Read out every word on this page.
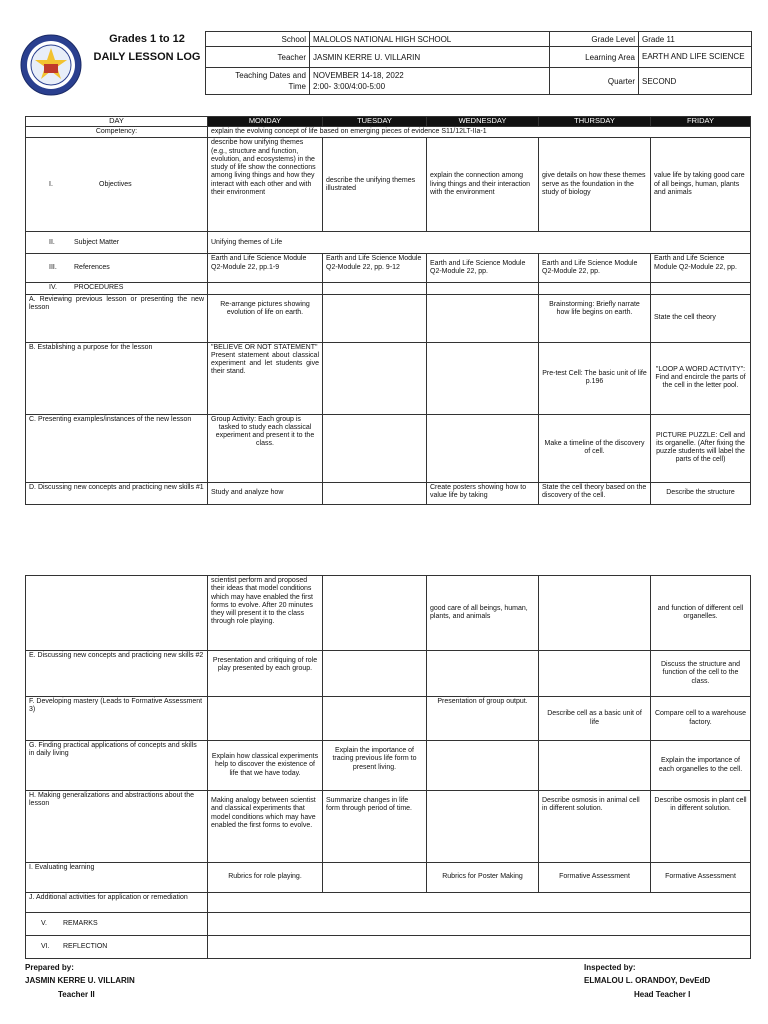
Grades 1 to 12
DAILY LESSON LOG
School	MALOLOS NATIONAL HIGH SCHOOL	Grade Level	Grade 11
Teacher	JASMIN KERRE U. VILLARIN	Learning Area	EARTH AND LIFE SCIENCE
Teaching Dates and
Time	NOVEMBER 14-18, 2022
2:00- 3:00/4:00-5:00	Quarter	SECOND
DAY	MONDAY	TUESDAY	WEDNESDAY	THURSDAY	FRIDAY
Competency:	explain the evolving concept of life based on emerging pieces of evidence S11/12LT-IIa-1				
I. Objectives	describe how unifying themes (e.g., structure and function, evolution, and ecosystems) in the study of life show the connections among living things and how they interact with each other and with their environment	describe the unifying themes illustrated	explain the connection among living things and their interaction with the environment	give details on how these themes serve as the foundation in the study of biology	value life by taking good care of all beings, human, plants and animals
II. Subject Matter	Unifying themes of Life				
III. References	Earth and Life Science Module Q2-Module 22, pp.1-9	Earth and Life Science Module Q2-Module 22, pp. 9-12	Earth and Life Science Module Q2-Module 22, pp.	Earth and Life Science Module Q2-Module 22, pp.	Earth and Life Science Module Q2-Module 22, pp.
IV. PROCEDURES					
A. Reviewing previous lesson or presenting the new lesson	Re-arrange pictures showing evolution of life on earth.			Brainstorming: Briefly narrate how life begins on earth.	State the cell theory
B. Establishing a purpose for the lesson	"BELIEVE OR NOT STATEMENT"
Present statement about classical experiment and let students give their stand.			Pre-test Cell: The basic unit of life p.196	"LOOP A WORD ACTIVITY": Find and encircle the parts of the cell in the letter pool.
C. Presenting examples/instances of the new lesson	Group Activity: Each group is
tasked to study each classical experiment and present it to the class.			Make a timeline of the discovery of cell.	PICTURE PUZZLE: Cell and its organelle. (After fixing the puzzle students will label the parts of the cell)
D. Discussing new concepts and practicing new skills #1	Study and analyze how		Create posters showing how to value life by taking	State the cell theory based on the discovery of the cell.	Describe the structure
	scientist perform and proposed their ideas that model conditions which may have enabled the first forms to evolve. After 20 minutes they will present it to the class through role playing.		good care of all beings, human, plants, and animals		and function of different cell organelles.
E. Discussing new concepts and practicing new skills #2	Presentation and critiquing of role play presented by each group.				Discuss the structure and function of the cell to the class.
F. Developing mastery (Leads to Formative Assessment 3)			Presentation of group output.	Describe cell as a basic unit of life	Compare cell to a warehouse factory.
G. Finding practical applications of concepts and skills in daily living	Explain how classical experiments help to discover the existence of life that we have today.	Explain the importance of tracing previous life form to present living.			Explain the importance of each organelles to the cell.
H. Making generalizations and abstractions about the lesson	Making analogy between scientist and classical experiments that model conditions which may have enabled the first forms to evolve.	Summarize changes in life form through period of time.		Describe osmosis in animal cell in different solution.	Describe osmosis in plant cell in different solution.
I. Evaluating learning	Rubrics for role playing.		Rubrics for Poster Making	Formative Assessment	Formative Assessment
J. Additional activities for application or remediation					
V. REMARKS					
VI. REFLECTION					
Prepared by:
JASMIN KERRE U. VILLARIN
Teacher II
Inspected by:
ELMALOU L. ORANDOY, DevEdD
Head Teacher I
